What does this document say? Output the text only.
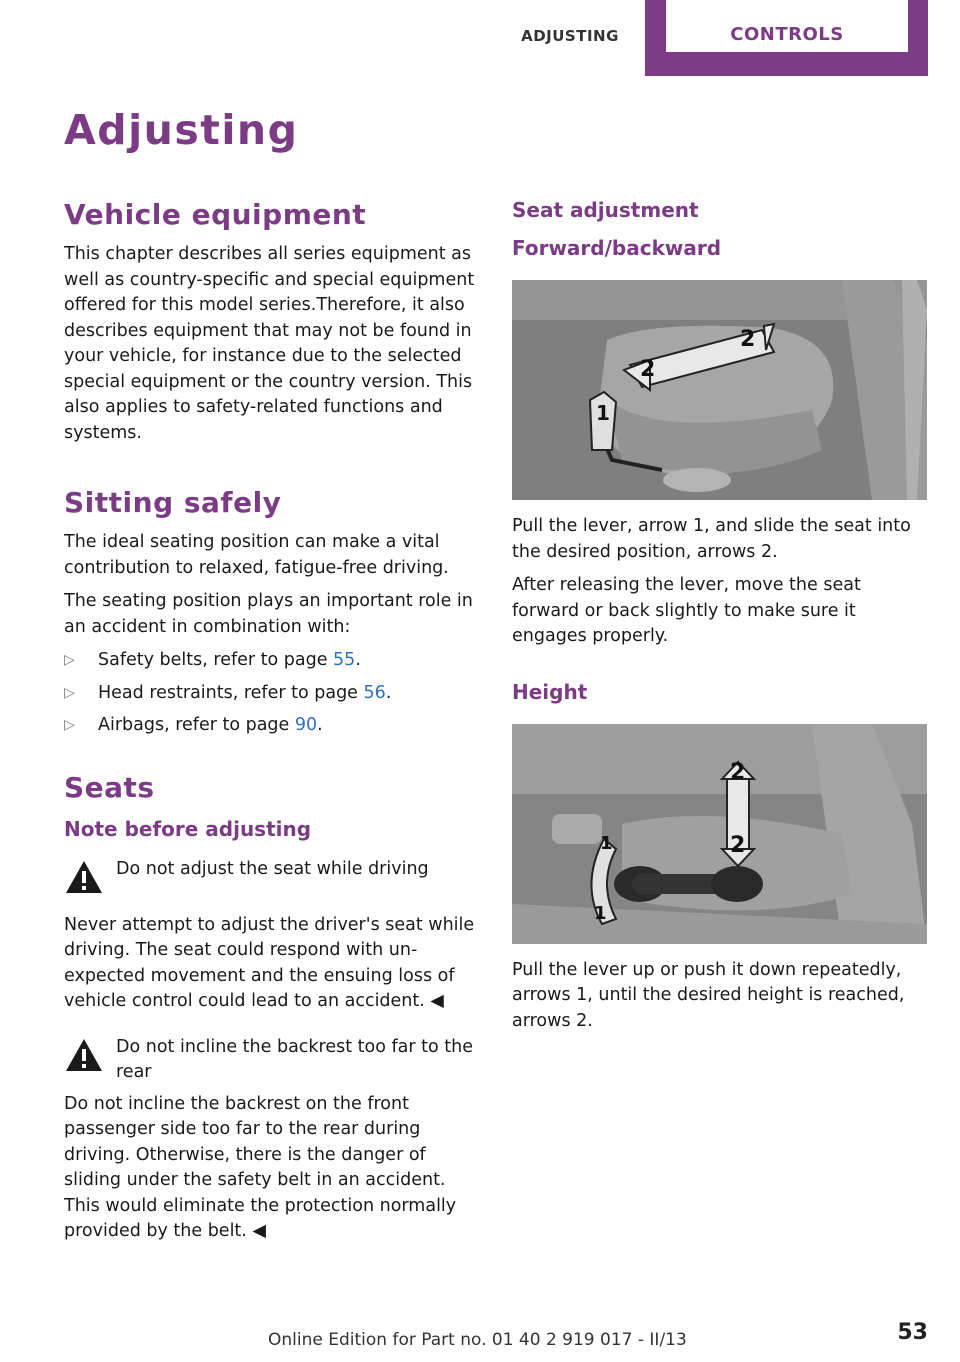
ADJUSTING	CONTROLS
Adjusting
Vehicle equipment

This chapter describes all series equipment as well as country-specific and special equipment offered for this model series.Therefore, it also describes equipment that may not be found in your vehicle, for instance due to the selected special equipment or the country version. This also applies to safety-related functions and systems.

Sitting safely

The ideal seating position can make a vital contribution to relaxed, fatigue-free driving.

The seating position plays an important role in an accident in combination with:

▷ Safety belts, refer to page 55.
▷ Head restraints, refer to page 56.
▷ Airbags, refer to page 90.
Seats
Note before adjusting
Do not adjust the seat while driving

Never attempt to adjust the driver's seat while driving. The seat could respond with unexpected movement and the ensuing loss of vehicle control could lead to an accident. ◀

Do not incline the backrest too far to the rear

Do not incline the backrest on the front passenger side too far to the rear during driving. Otherwise, there is the danger of sliding under the safety belt in an accident. This would eliminate the protection normally provided by the belt. ◀

Seat adjustment
Forward/backward
2
2
1

Pull the lever, arrow 1, and slide the seat into the desired position, arrows 2.

After releasing the lever, move the seat forward or back slightly to make sure it engages properly.

Height
2
2
1
1

Pull the lever up or push it down repeatedly, arrows 1, until the desired height is reached, arrows 2.

Online Edition for Part no. 01 40 2 919 017 - II/13	53
